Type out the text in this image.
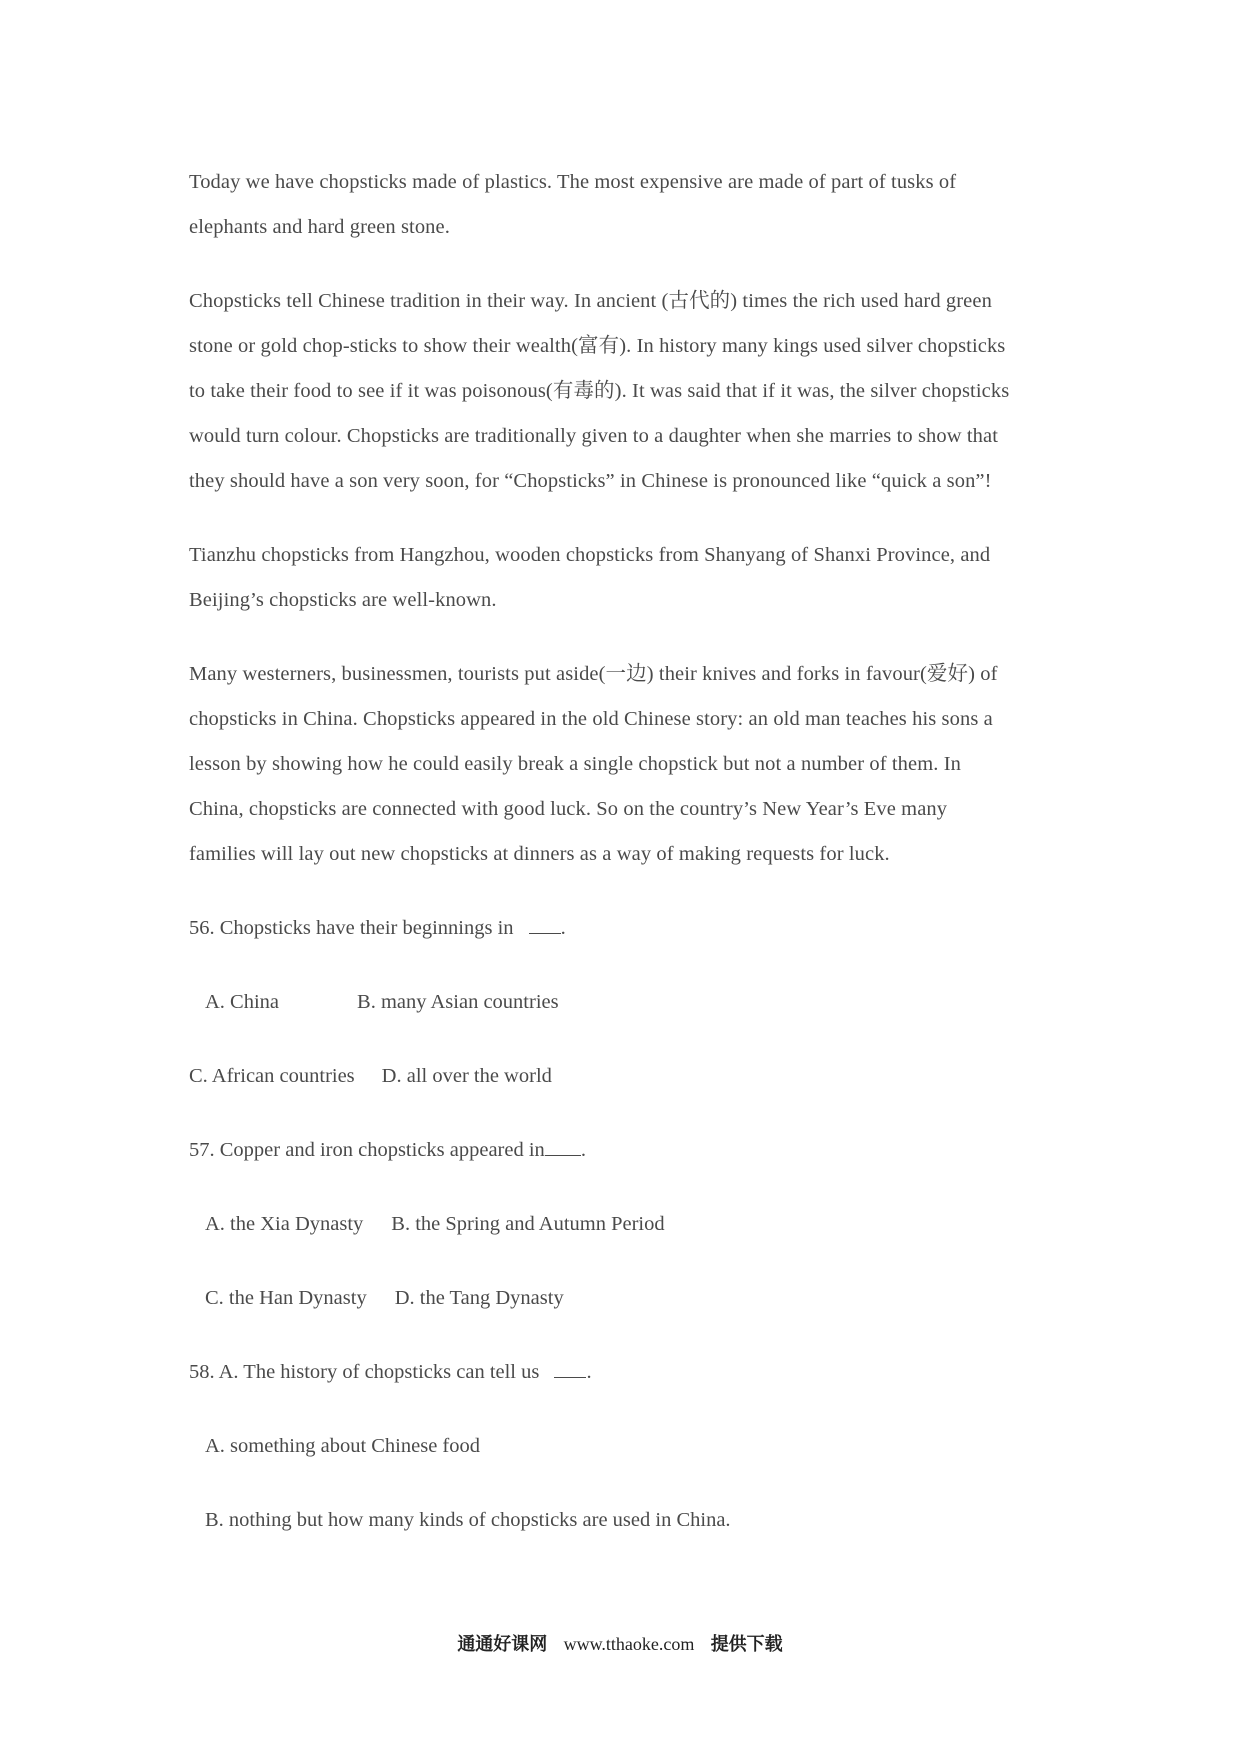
Today we have chopsticks made of plastics. The most expensive are made of part of tusks of
elephants and hard green stone.
Chopsticks tell Chinese tradition in their way. In ancient (古代的) times the rich used hard green
stone or gold chop-sticks to show their wealth(富有). In history many kings used silver chopsticks
to take their food to see if it was poisonous(有毒的). It was said that if it was, the silver chopsticks
would turn colour. Chopsticks are traditionally given to a daughter when she marries to show that
they should have a son very soon, for “Chopsticks” in Chinese is pronounced like “quick a son”!
Tianzhu chopsticks from Hangzhou, wooden chopsticks from Shanyang of Shanxi Province, and
Beijing’s chopsticks are well-known.
Many westerners, businessmen, tourists put aside(一边) their knives and forks in favour(爱好) of
chopsticks in China. Chopsticks appeared in the old Chinese story: an old man teaches his sons a
lesson by showing how he could easily break a single chopstick but not a number of them. In
China, chopsticks are connected with good luck. So on the country’s New Year’s Eve many
families will lay out new chopsticks at dinners as a way of making requests for luck.
56. Chopsticks have their beginnings in .
A. China	B. many Asian countries
C. African countries D. all over the world
57. Copper and iron chopsticks appeared in .
A. the Xia Dynasty B. the Spring and Autumn Period
C. the Han Dynasty D. the Tang Dynasty
58. A. The history of chopsticks can tell us .
A. something about Chinese food
B. nothing but how many kinds of chopsticks are used in China.
通通好课网 www.tthaoke.com 提供下载
